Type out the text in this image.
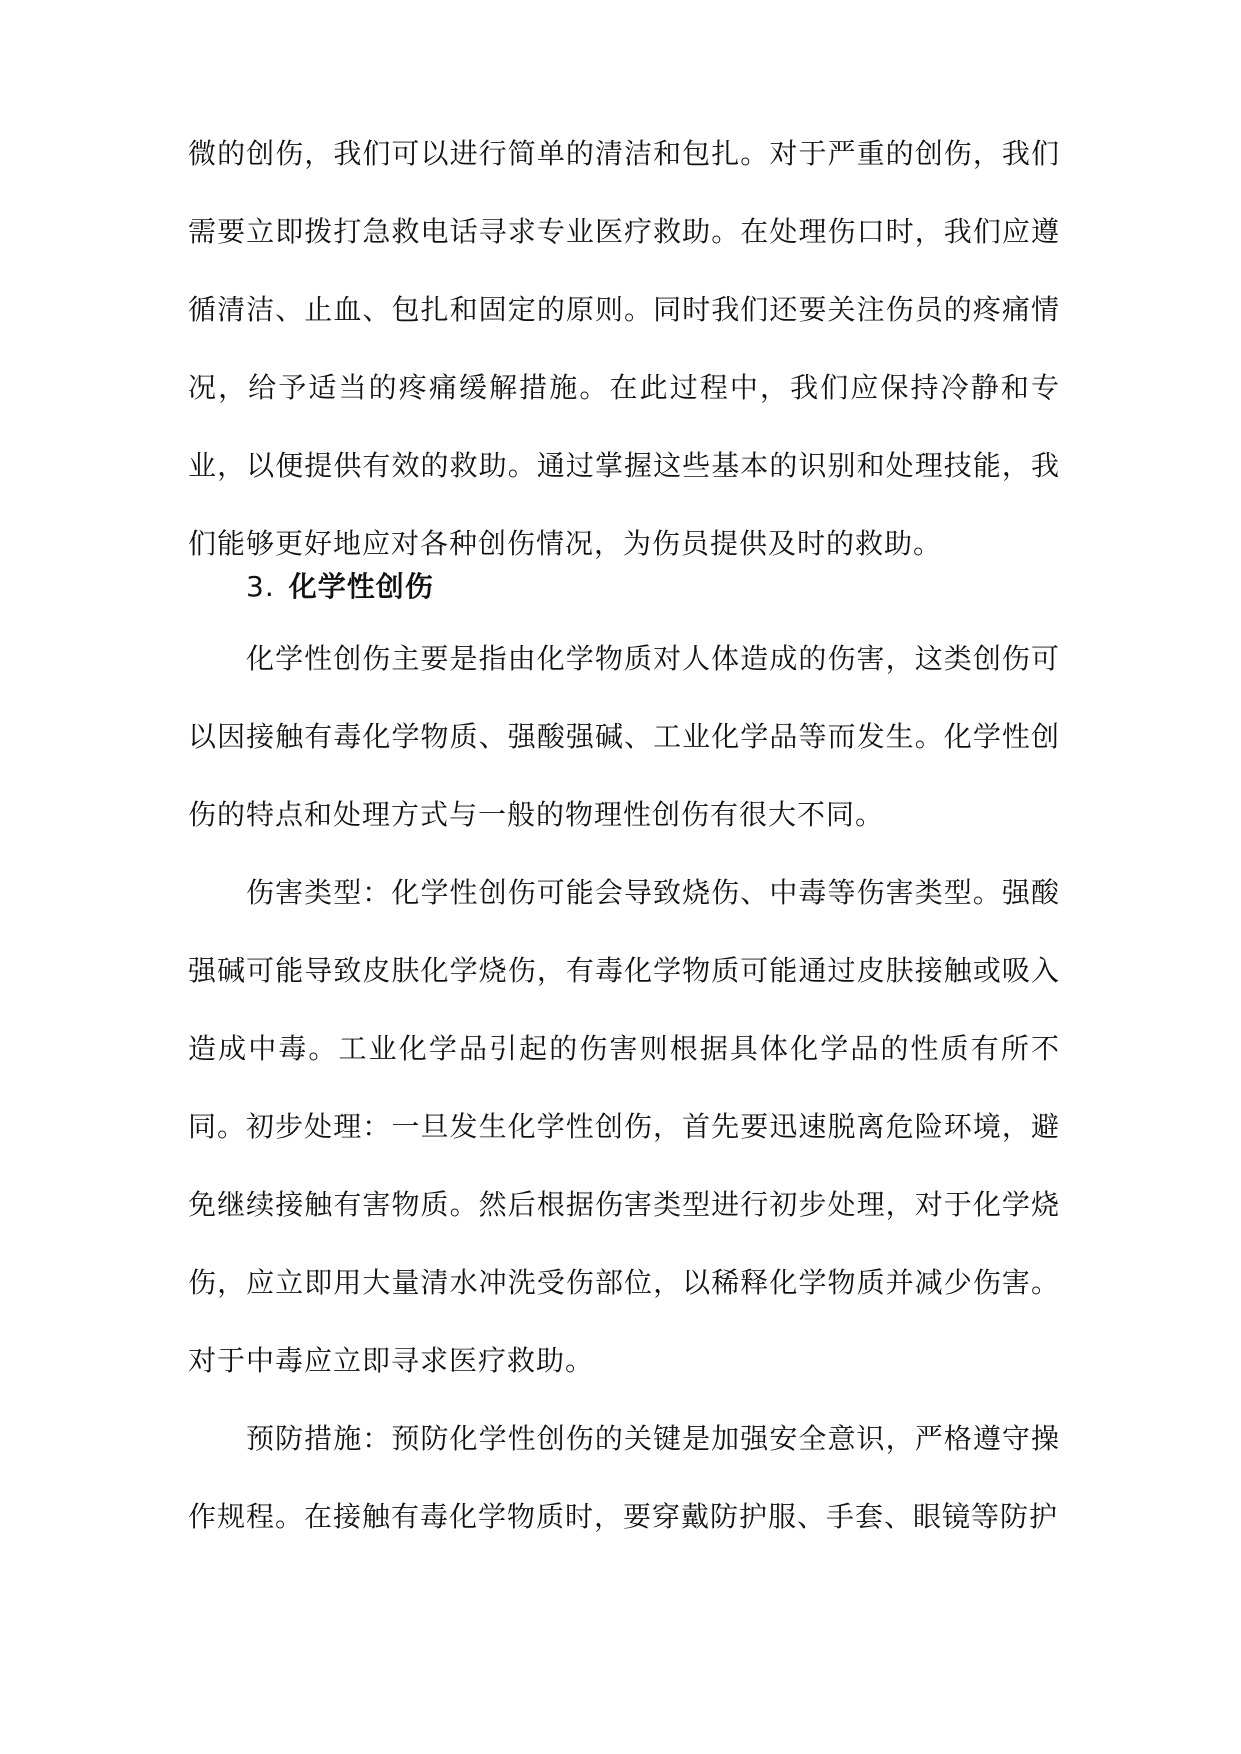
微的创伤，我们可以进行简单的清洁和包扎。对于严重的创伤，我们需要立即拨打急救电话寻求专业医疗救助。在处理伤口时，我们应遵循清洁、止血、包扎和固定的原则。同时我们还要关注伤员的疼痛情况，给予适当的疼痛缓解措施。在此过程中，我们应保持冷静和专业，以便提供有效的救助。通过掌握这些基本的识别和处理技能，我们能够更好地应对各种创伤情况，为伤员提供及时的救助。

3. 化学性创伤

化学性创伤主要是指由化学物质对人体造成的伤害，这类创伤可以因接触有毒化学物质、强酸强碱、工业化学品等而发生。化学性创伤的特点和处理方式与一般的物理性创伤有很大不同。

伤害类型：化学性创伤可能会导致烧伤、中毒等伤害类型。强酸强碱可能导致皮肤化学烧伤，有毒化学物质可能通过皮肤接触或吸入造成中毒。工业化学品引起的伤害则根据具体化学品的性质有所不同。 初步处理：一旦发生化学性创伤，首先要迅速脱离危险环境，避免继续接触有害物质。然后根据伤害类型进行初步处理，对于化学烧伤，应立即用大量清水冲洗受伤部位，以稀释化学物质并减少伤害。对于中毒应立即寻求医疗救助。

预防措施：预防化学性创伤的关键是加强安全意识，严格遵守操作规程。在接触有毒化学物质时，要穿戴防护服、手套、眼镜等防护
